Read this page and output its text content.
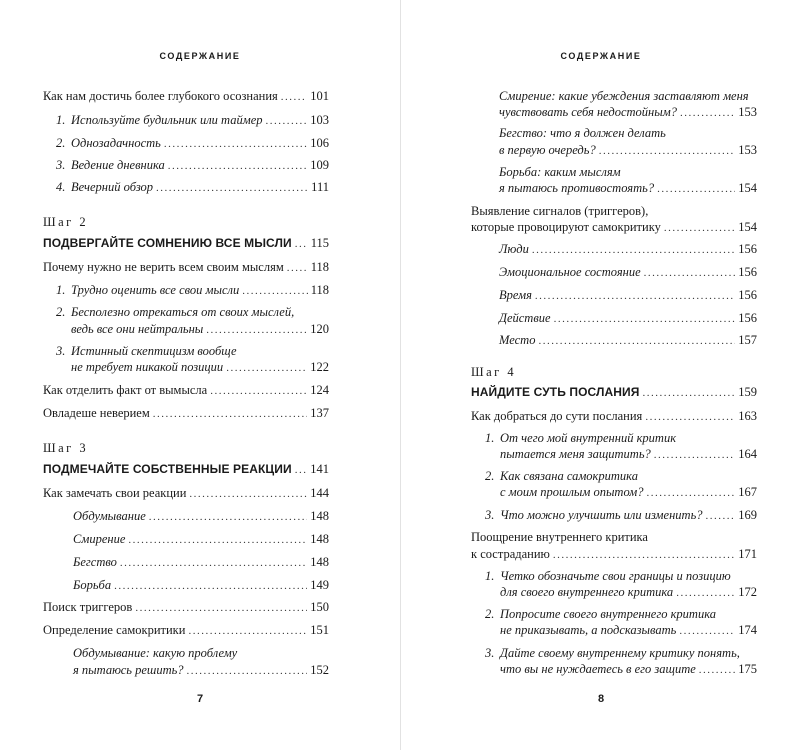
СОДЕРЖАНИЕ
Как нам достичь более глубокого осознания .....	101
1. Используйте будильник или таймер .....	103
2. Однозадачность .....	106
3. Ведение дневника .....	109
4. Вечерний обзор .....	111
Шаг 2
ПОДВЕРГАЙТЕ СОМНЕНИЮ ВСЕ МЫСЛИ ..... 115
Почему нужно не верить всем своим мыслям ..... 118
1. Трудно оценить все свои мысли .....	118
2. Бесполезно отрекаться от своих мыслей,
ведь все они нейтральны .....	120
3. Истинный скептицизм вообще
не требует никакой позиции .....	122
Как отделить факт от вымысла .....	124
Овладеше неверием .....	137
Шаг 3
ПОДМЕЧАЙТЕ СОБСТВЕННЫЕ РЕАКЦИИ ..... 141
Как замечать свои реакции .....	144
Обдумывание .....	148
Смирение .....	148
Бегство .....	148
Борьба .....	149
Поиск триггеров .....	150
Определение самокритики .....	151
Обдумывание: какую проблему
я пытаюсь решить? .....	152
7
СОДЕРЖАНИЕ
Смирение: какие убеждения заставляют меня
чувствовать себя недостойным? .....	153
Бегство: что я должен делать
в первую очередь? .....	153
Борьба: каким мыслям
я пытаюсь противостоять? .....	154
Выявление сигналов (триггеров),
которые провоцируют самокритику .....	154
Люди .....	156
Эмоциональное состояние .....	156
Время .....	156
Действие .....	156
Место .....	157
Шаг 4
НАЙДИТЕ СУТЬ ПОСЛАНИЯ .....	159
Как добраться до сути послания .....	163
1. От чего мой внутренний критик
пытается меня защитить? .....	164
2. Как связана самокритика
с моим прошлым опытом? .....	167
3. Что можно улучшить или изменить? .....	169
Поощрение внутреннего критика
к состраданию .....	171
1. Четко обозначьте свои границы и позицию
для своего внутреннего критика .....	172
2. Попросите своего внутреннего критика
не приказывать, а подсказывать .....	174
3. Дайте своему внутреннему критику понять,
что вы не нуждаетесь в его защите .....	175
8
